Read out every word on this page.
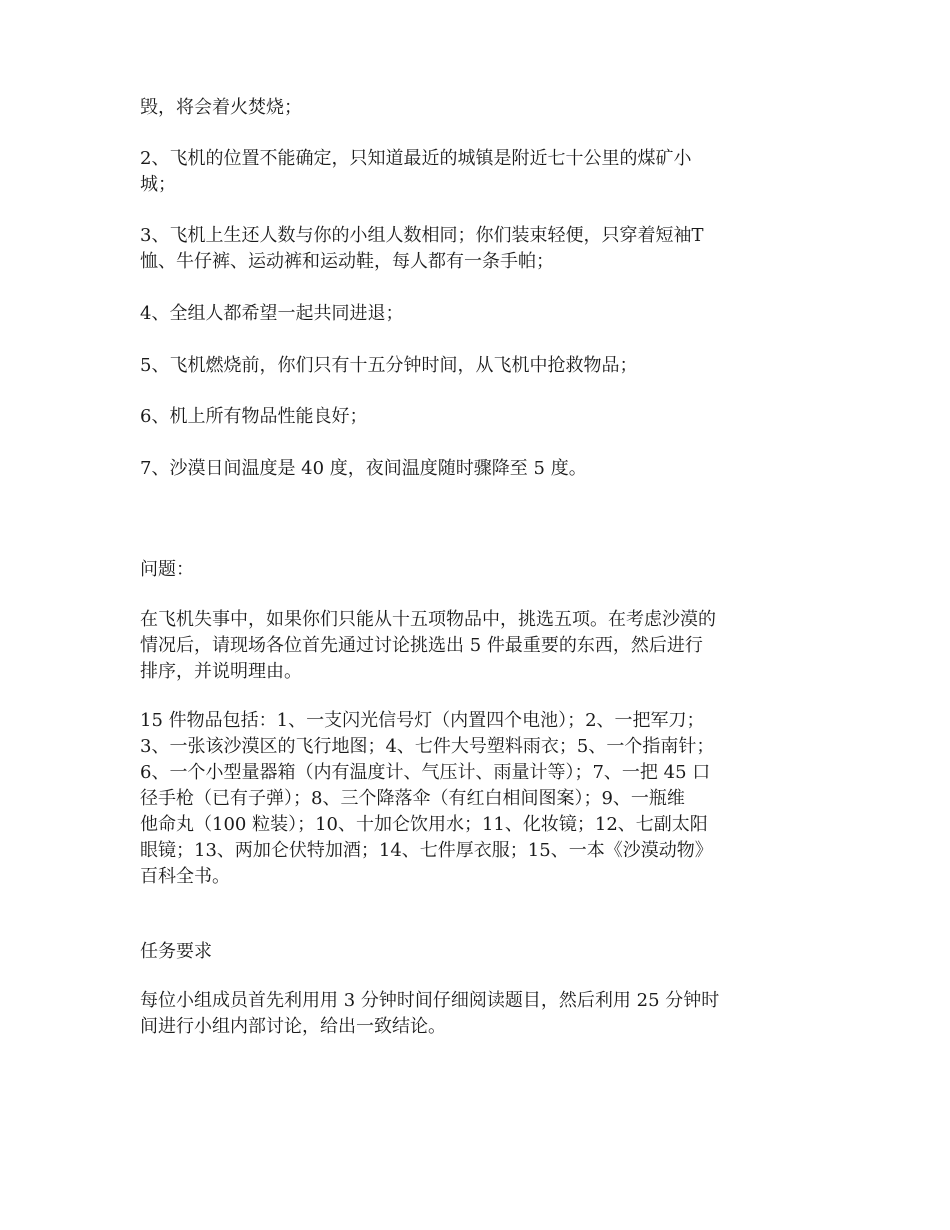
毁，将会着火焚烧；

2、飞机的位置不能确定，只知道最近的城镇是附近七十公里的煤矿小
城；

3、飞机上生还人数与你的小组人数相同；你们装束轻便，只穿着短袖T
恤、牛仔裤、运动裤和运动鞋，每人都有一条手帕；

4、全组人都希望一起共同进退；

5、飞机燃烧前，你们只有十五分钟时间，从飞机中抢救物品；

6、机上所有物品性能良好；

7、沙漠日间温度是 40 度，夜间温度随时骤降至 5 度。

问题：

在飞机失事中，如果你们只能从十五项物品中，挑选五项。在考虑沙漠的
情况后，请现场各位首先通过讨论挑选出 5 件最重要的东西，然后进行
排序，并说明理由。

15 件物品包括：1、一支闪光信号灯（内置四个电池）；2、一把军刀；
3、一张该沙漠区的飞行地图；4、七件大号塑料雨衣；5、一个指南针；
6、一个小型量器箱（内有温度计、气压计、雨量计等）；7、一把 45 口
径手枪（已有子弹）；8、三个降落伞（有红白相间图案）；9、一瓶维
他命丸（100 粒装）；10、十加仑饮用水；11、化妆镜；12、七副太阳
眼镜；13、两加仑伏特加酒；14、七件厚衣服；15、一本《沙漠动物》
百科全书。

任务要求

每位小组成员首先利用用 3 分钟时间仔细阅读题目，然后利用 25 分钟时
间进行小组内部讨论，给出一致结论。
